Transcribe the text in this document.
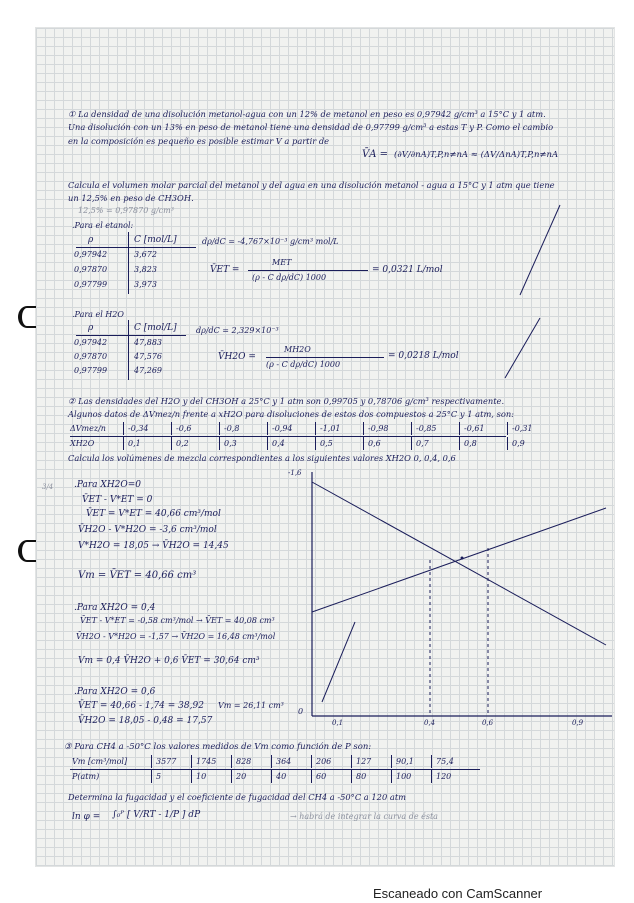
① La densidad de una disolución metanol-agua con un 12% de metanol en peso es 0,97942 g/cm³ a 15°C y 1 atm.
Una disolución con un 13% en peso de metanol tiene una densidad de 0,97799 g/cm³ a estas T y P. Como el cambio
en la composición es pequeño es posible estimar V a partir de
V̄A = (∂V/∂nA)T,P,n≠nA ≈ (ΔV/ΔnA)T,P,n≠nA
Calcula el volumen molar parcial del metanol y del agua en una disolución metanol - agua a 15°C y 1 atm que tiene
un 12,5% en peso de CH3OH.
12,5% = 0,97870 g/cm³
.Para el etanol:
ρ	C [mol/L]
0,97942	3,672
0,97870	3,823
0,97799	3,973
dρ/dC = -4,767×10⁻³ g/cm³ mol/L
V̄ET =
MET
(ρ - C dρ/dC) 1000
= 0,0321 L/mol
.Para el H2O
ρ	C [mol/L]
0,97942	47,883
0,97870	47,576
0,97799	47,269
dρ/dC = 2,329×10⁻³
V̄H2O =
MH2O
(ρ - C dρ/dC) 1000
= 0,0218 L/mol
② Las densidades del H2O y del CH3OH a 25°C y 1 atm son 0,99705 y 0,78706 g/cm³ respectivamente.
Algunos datos de ΔVmez/n frente a xH2O para disoluciones de estos dos compuestos a 25°C y 1 atm, son:
ΔVmez/n	-0,34	-0,6	-0,8	-0,94	-1,01	-0,98	-0,85	-0,61	-0,31
XH2O	0,1	0,2	0,3	0,4	0,5	0,6	0,7	0,8	0,9
Calcula los volúmenes de mezcla correspondientes a los siguientes valores XH2O 0, 0,4, 0,6
3/4 .Para XH2O=0
V̄ET - V*ET = 0
V̄ET = V*ET = 40,66 cm³/mol
V̄H2O - V*H2O = -3,6 cm³/mol
V*H2O = 18,05 → V̄H2O = 14,45
Vm = V̄ET = 40,66 cm³
.Para XH2O = 0,4
V̄ET - V*ET = -0,58 cm³/mol → V̄ET = 40,08 cm³
V̄H2O - V*H2O = -1,57 → V̄H2O = 16,48 cm³/mol
Vm = 0,4 V̄H2O + 0,6 V̄ET = 30,64 cm³
.Para XH2O = 0,6
V̄ET = 40,66 - 1,74 = 38,92 Vm = 26,11 cm³
V̄H2O = 18,05 - 0,48 = 17,57
-1,6
0
0,1	0,4	0,6	0,9
③ Para CH4 a -50°C los valores medidos de Vm como función de P son:
Vm [cm³/mol]	3577 1745 828	364	206	127	90,1	75,4
P(atm)	5	10	20	40	60	80	100	120
Determina la fugacidad y el coeficiente de fugacidad del CH4 a -50°C a 120 atm
ln φ = ∫₀ᴾ [ V/RT - 1/P ] dP	→ habrá de integrar la curva de ésta
Escaneado con CamScanner
